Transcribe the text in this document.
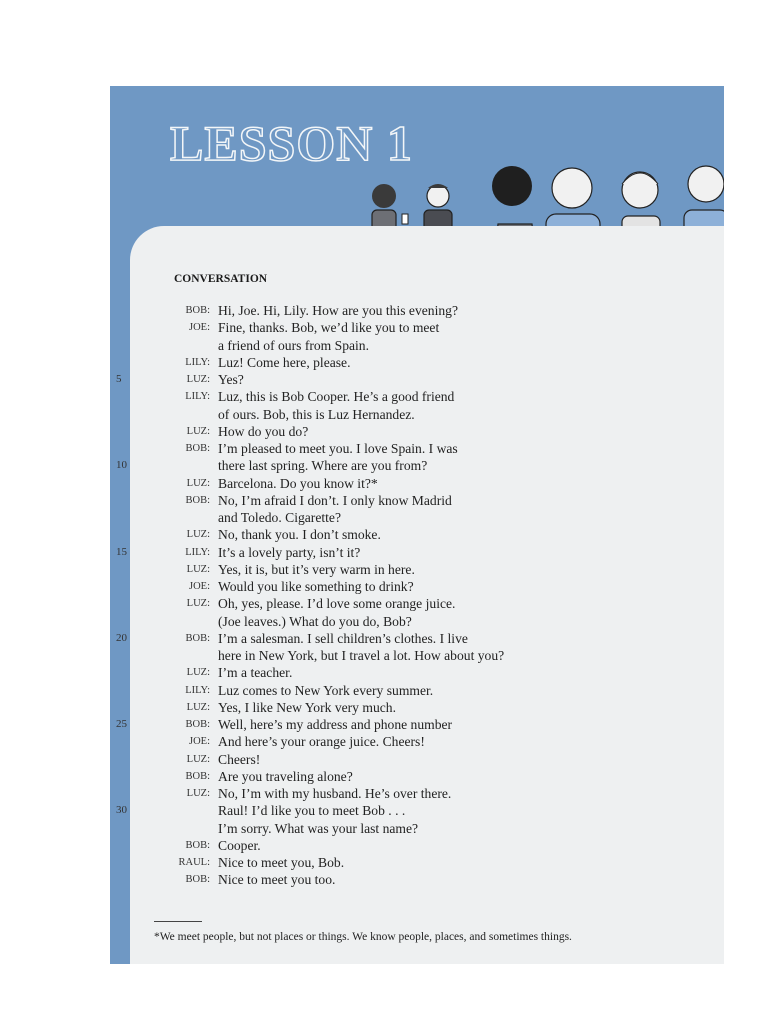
LESSON 1
CONVERSATION
BOB: Hi, Joe. Hi, Lily. How are you this evening?
JOE: Fine, thanks. Bob, we’d like you to meet
a friend of ours from Spain.
LILY: Luz! Come here, please.
5	LUZ: Yes?
LILY: Luz, this is Bob Cooper. He’s a good friend
of ours. Bob, this is Luz Hernandez.
LUZ: How do you do?
BOB: I’m pleased to meet you. I love Spain. I was
10	there last spring. Where are you from?
LUZ: Barcelona. Do you know it?*
BOB: No, I’m afraid I don’t. I only know Madrid
and Toledo. Cigarette?
LUZ: No, thank you. I don’t smoke.
15	LILY: It’s a lovely party, isn’t it?
LUZ: Yes, it is, but it’s very warm in here.
JOE: Would you like something to drink?
LUZ: Oh, yes, please. I’d love some orange juice.
(Joe leaves.) What do you do, Bob?
20	BOB: I’m a salesman. I sell children’s clothes. I live
here in New York, but I travel a lot. How about you?
LUZ: I’m a teacher.
LILY: Luz comes to New York every summer.
LUZ: Yes, I like New York very much.
25	BOB: Well, here’s my address and phone number
JOE: And here’s your orange juice. Cheers!
LUZ: Cheers!
BOB: Are you traveling alone?
LUZ: No, I’m with my husband. He’s over there.
30	Raul! I’d like you to meet Bob . . .
I’m sorry. What was your last name?
BOB: Cooper.
RAUL: Nice to meet you, Bob.
BOB: Nice to meet you too.
*We meet people, but not places or things. We know people, places, and sometimes things.
